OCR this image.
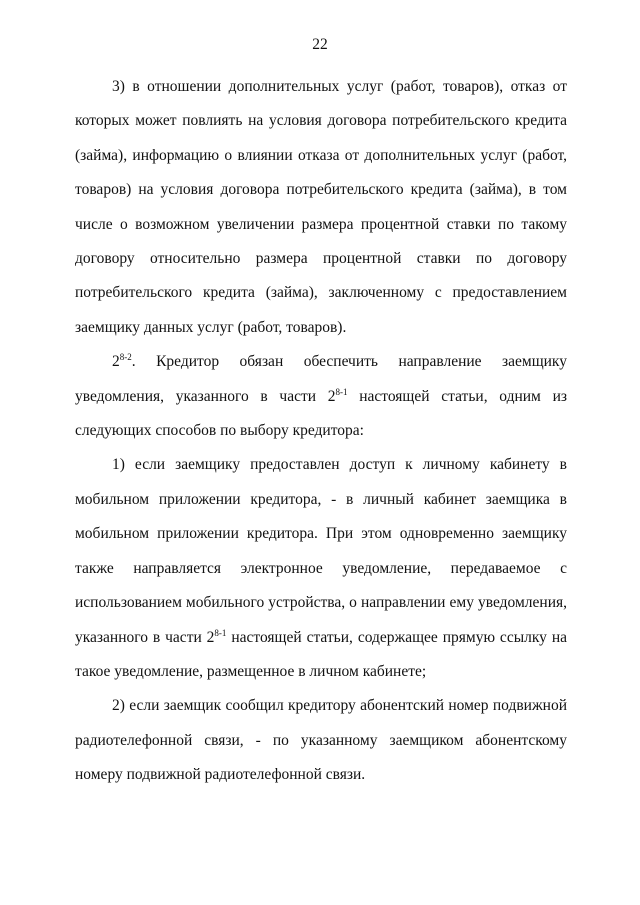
22

3) в отношении дополнительных услуг (работ, товаров), отказ от которых может повлиять на условия договора потребительского кредита (займа), информацию о влиянии отказа от дополнительных услуг (работ, товаров) на условия договора потребительского кредита (займа), в том числе о возможном увеличении размера процентной ставки по такому договору относительно размера процентной ставки по договору потребительского кредита (займа), заключенному с предоставлением заемщику данных услуг (работ, товаров).

2$^{8-2}$. Кредитор обязан обеспечить направление заемщику уведомления, указанного в части 2$^{8-1}$ настоящей статьи, одним из следующих способов по выбору кредитора:

1) если заемщику предоставлен доступ к личному кабинету в мобильном приложении кредитора, - в личный кабинет заемщика в мобильном приложении кредитора. При этом одновременно заемщику также направляется электронное уведомление, передаваемое с использованием мобильного устройства, о направлении ему уведомления, указанного в части 2$^{8-1}$ настоящей статьи, содержащее прямую ссылку на такое уведомление, размещенное в личном кабинете;

2) если заемщик сообщил кредитору абонентский номер подвижной радиотелефонной связи, - по указанному заемщиком абонентскому номеру подвижной радиотелефонной связи.
